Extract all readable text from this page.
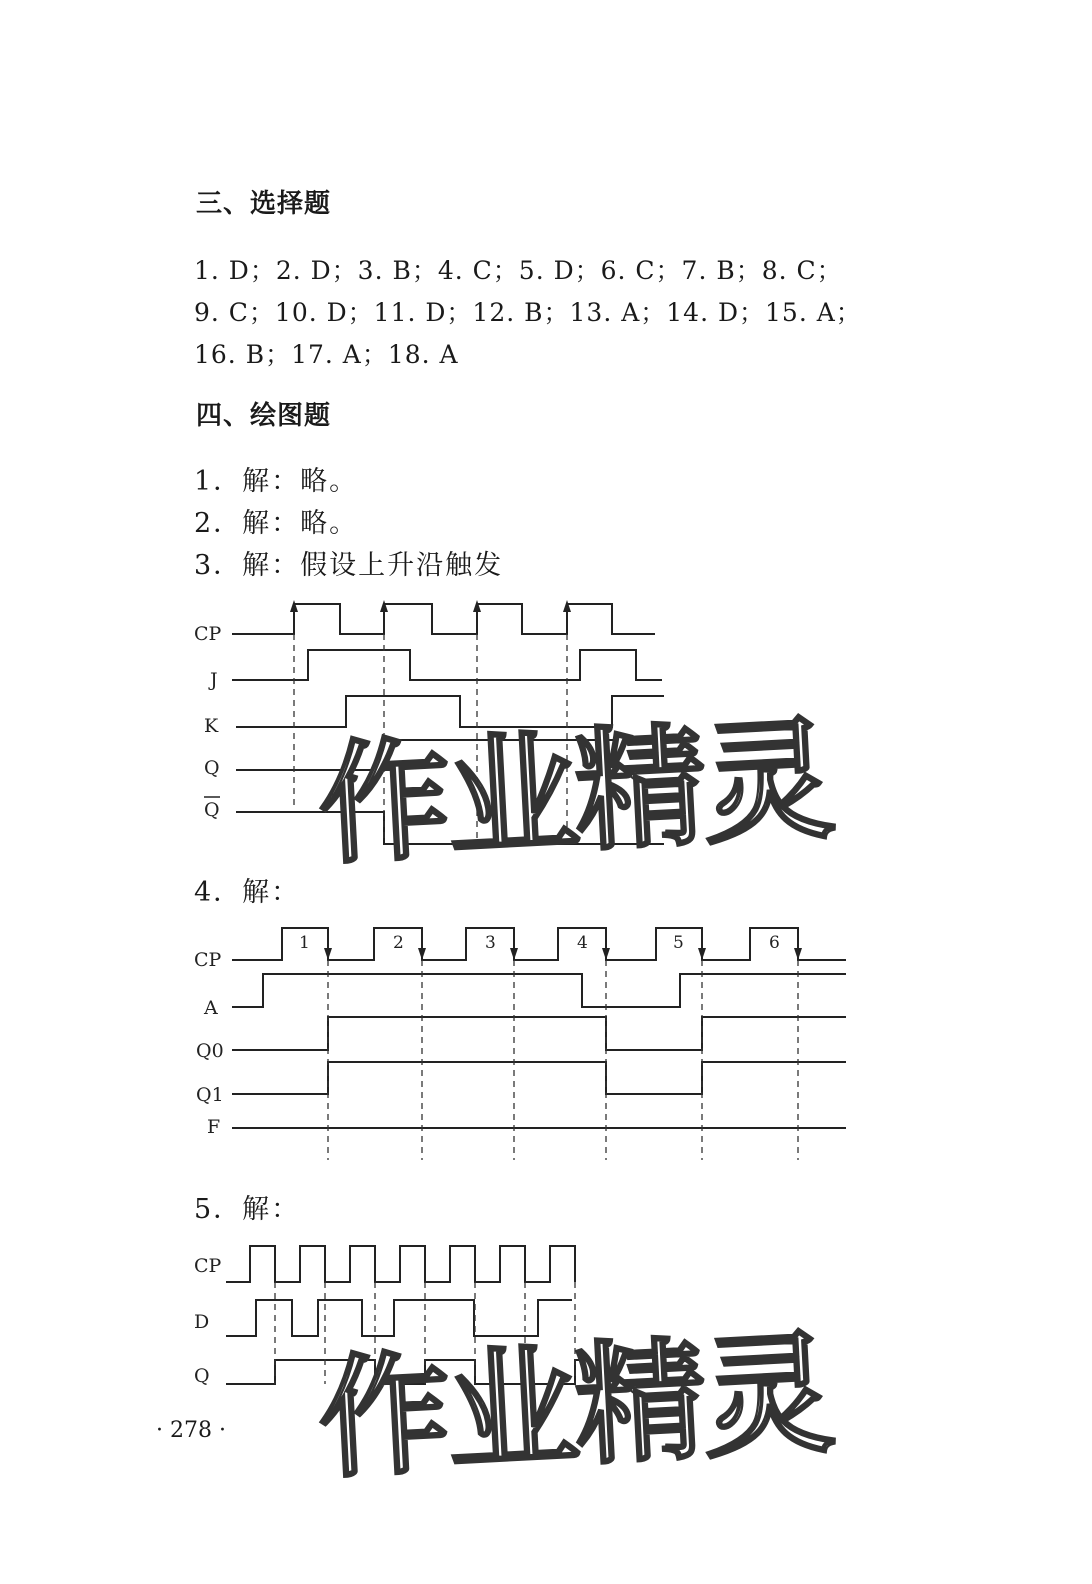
三、选择题
1. D；2. D；3. B；4. C；5. D；6. C；7. B；8. C；
9. C；10. D；11. D；12. B；13. A；14. D；15. A；
16. B；17. A；18. A
四、绘图题
1．解：略。
2．解：略。
3．解：假设上升沿触发
CP
J
K
Q
Q
4．解：
CP
A
Q0
Q1
F
1	2	3	4	5	6
5．解：
CP
D
Q
作业精灵
作业精灵
· 278 ·
